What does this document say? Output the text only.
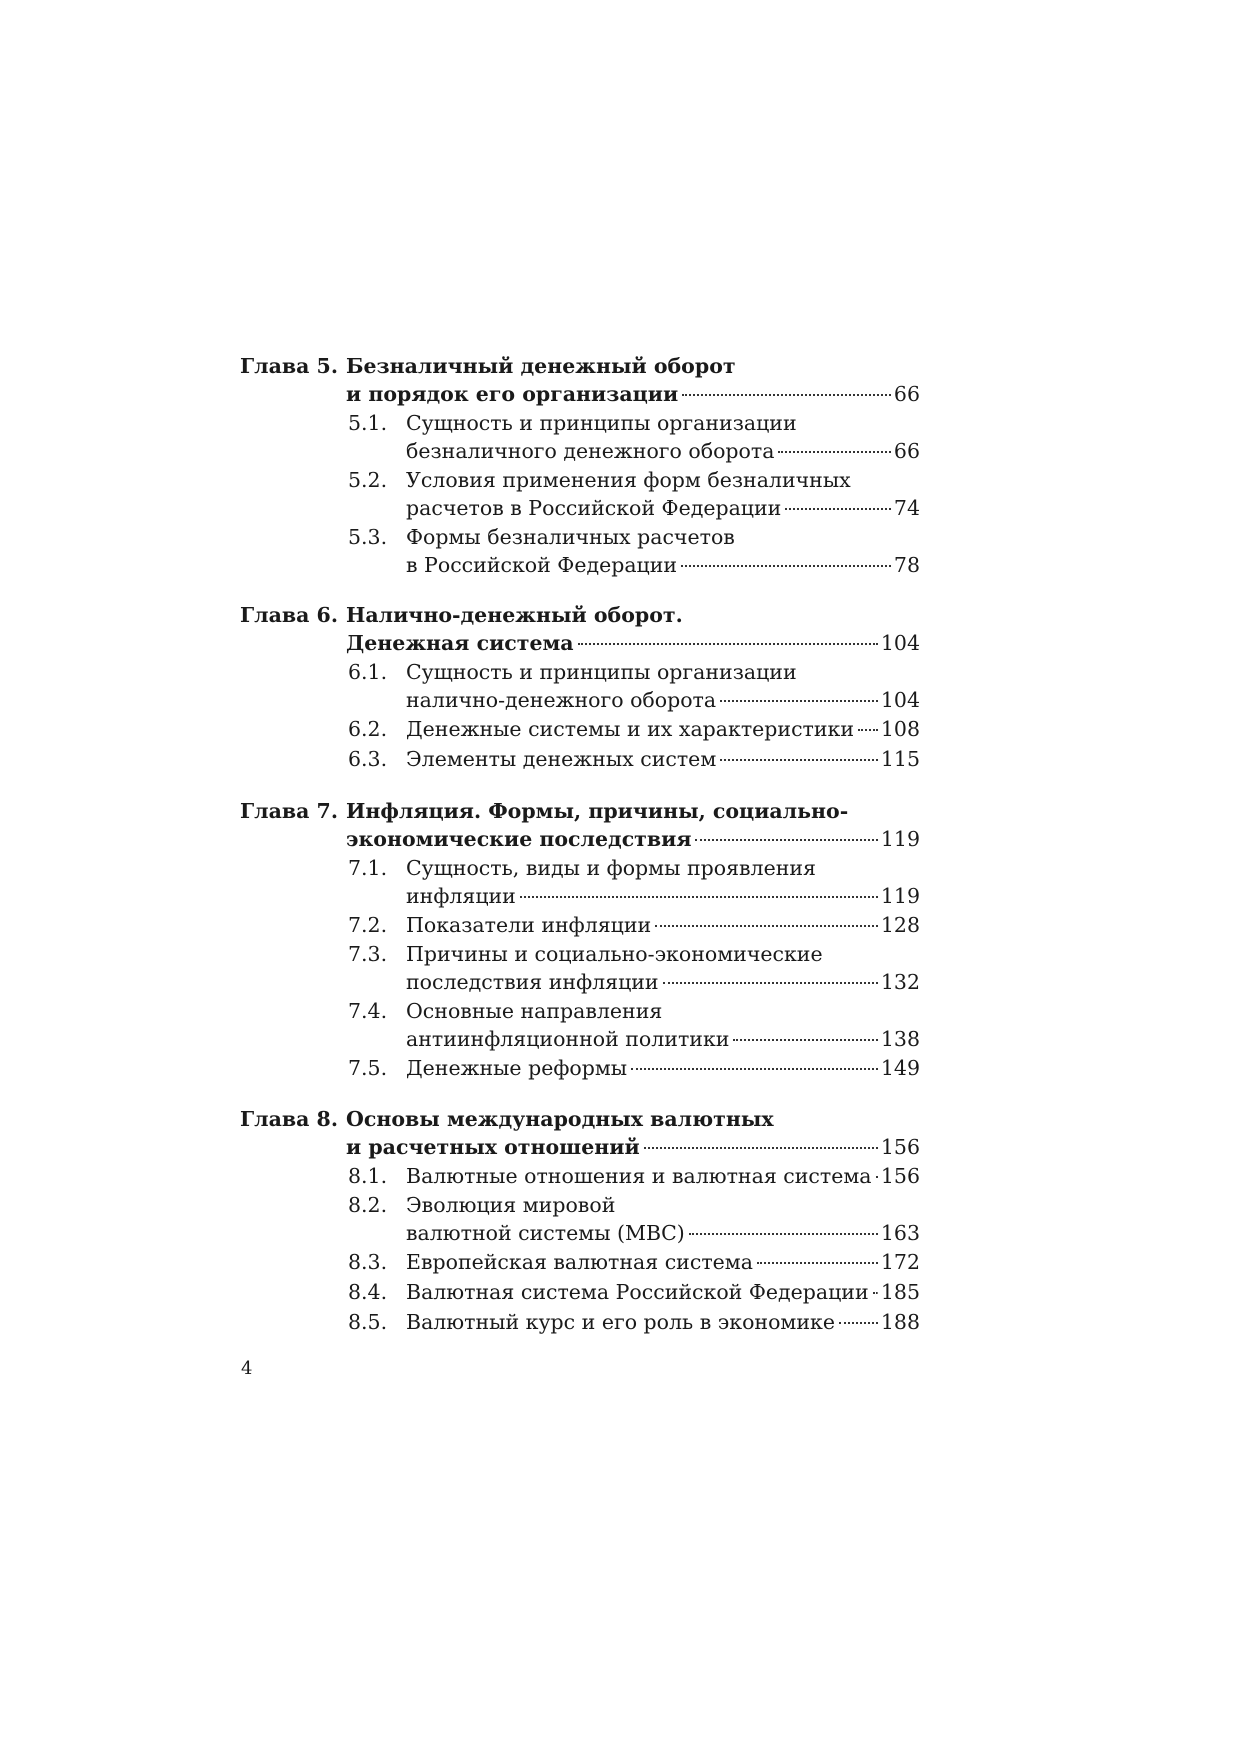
Глава 5. Безналичный денежный оборот
и порядок его организации	66
5.1. Сущность и принципы организации
безналичного денежного оборота	66
5.2. Условия применения форм безналичных
расчетов в Российской Федерации	74
5.3. Формы безналичных расчетов
в Российской Федерации	78
Глава 6. Налично-денежный оборот.
Денежная система	104
6.1. Сущность и принципы организации
налично-денежного оборота	104
6.2. Денежные системы и их характеристики 108
6.3. Элементы денежных систем	115
Глава 7. Инфляция. Формы, причины, социально-
экономические последствия	119
7.1. Сущность, виды и формы проявления
инфляции	119
7.2. Показатели инфляции	128
7.3. Причины и социально-экономические
последствия инфляции	132
7.4. Основные направления
антиинфляционной политики	138
7.5. Денежные реформы	149
Глава 8. Основы международных валютных
и расчетных отношений	156
8.1. Валютные отношения и валютная система 156
8.2. Эволюция мировой
валютной системы (МВС)	163
8.3. Европейская валютная система	172
8.4. Валютная система Российской Федерации 185
8.5. Валютный курс и его роль в экономике 188
4
